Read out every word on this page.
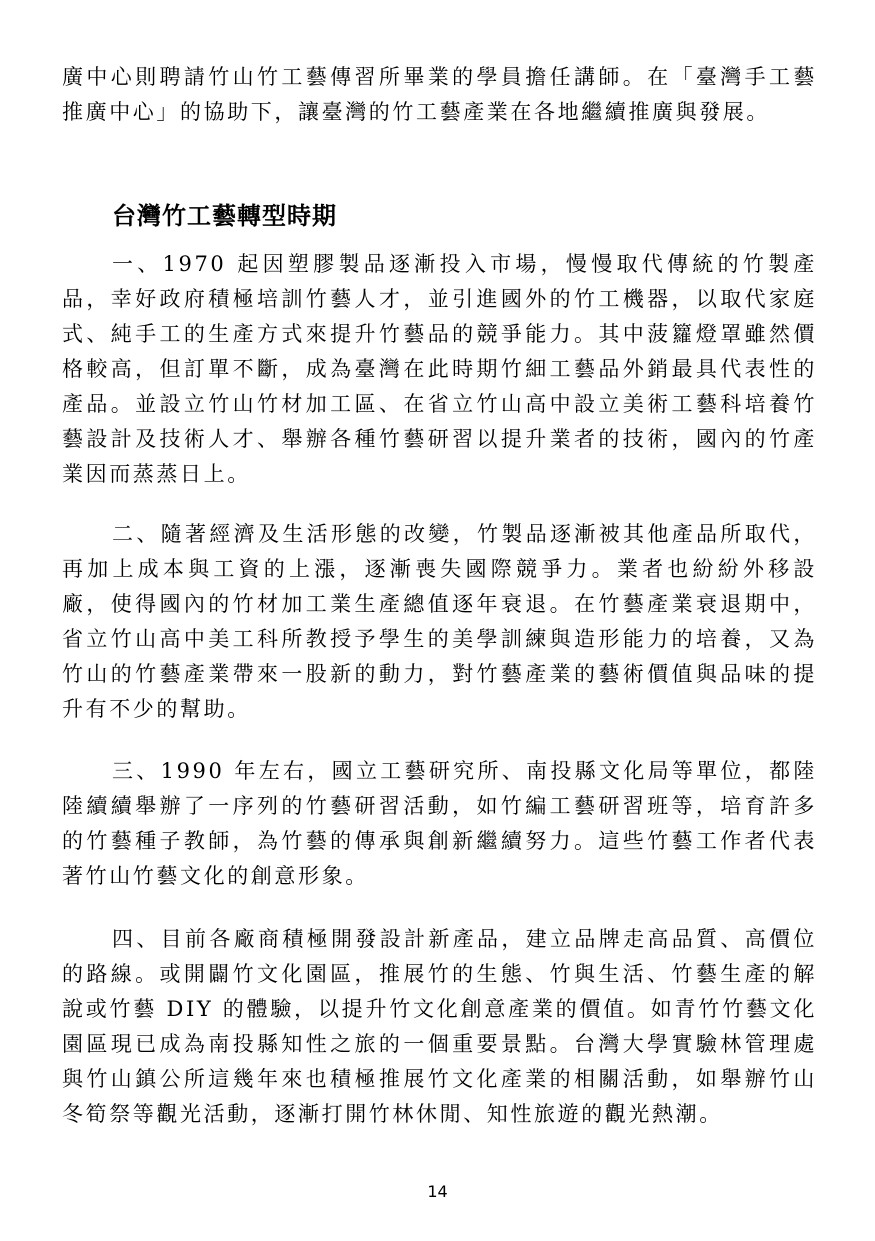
廣中心則聘請竹山竹工藝傳習所畢業的學員擔任講師。在「臺灣手工藝推廣中心」的協助下，讓臺灣的竹工藝產業在各地繼續推廣與發展。

台灣竹工藝轉型時期

一、1970 起因塑膠製品逐漸投入市場，慢慢取代傳統的竹製產品，幸好政府積極培訓竹藝人才，並引進國外的竹工機器，以取代家庭式、純手工的生產方式來提升竹藝品的競爭能力。其中菠籮燈罩雖然價格較高，但訂單不斷，成為臺灣在此時期竹細工藝品外銷最具代表性的產品。並設立竹山竹材加工區、在省立竹山高中設立美術工藝科培養竹藝設計及技術人才、舉辦各種竹藝研習以提升業者的技術，國內的竹產業因而蒸蒸日上。

二、隨著經濟及生活形態的改變，竹製品逐漸被其他產品所取代，再加上成本與工資的上漲，逐漸喪失國際競爭力。業者也紛紛外移設廠，使得國內的竹材加工業生產總值逐年衰退。在竹藝產業衰退期中，省立竹山高中美工科所教授予學生的美學訓練與造形能力的培養，又為竹山的竹藝產業帶來一股新的動力，對竹藝產業的藝術價值與品味的提升有不少的幫助。

三、1990 年左右，國立工藝研究所、南投縣文化局等單位，都陸陸續續舉辦了一序列的竹藝研習活動，如竹編工藝研習班等，培育許多的竹藝種子教師，為竹藝的傳承與創新繼續努力。這些竹藝工作者代表著竹山竹藝文化的創意形象。

四、目前各廠商積極開發設計新產品，建立品牌走高品質、高價位的路線。或開闢竹文化園區，推展竹的生態、竹與生活、竹藝生產的解說或竹藝 DIY 的體驗，以提升竹文化創意產業的價值。如青竹竹藝文化園區現已成為南投縣知性之旅的一個重要景點。台灣大學實驗林管理處與竹山鎮公所這幾年來也積極推展竹文化產業的相關活動，如舉辦竹山冬筍祭等觀光活動，逐漸打開竹林休閒、知性旅遊的觀光熱潮。

14
